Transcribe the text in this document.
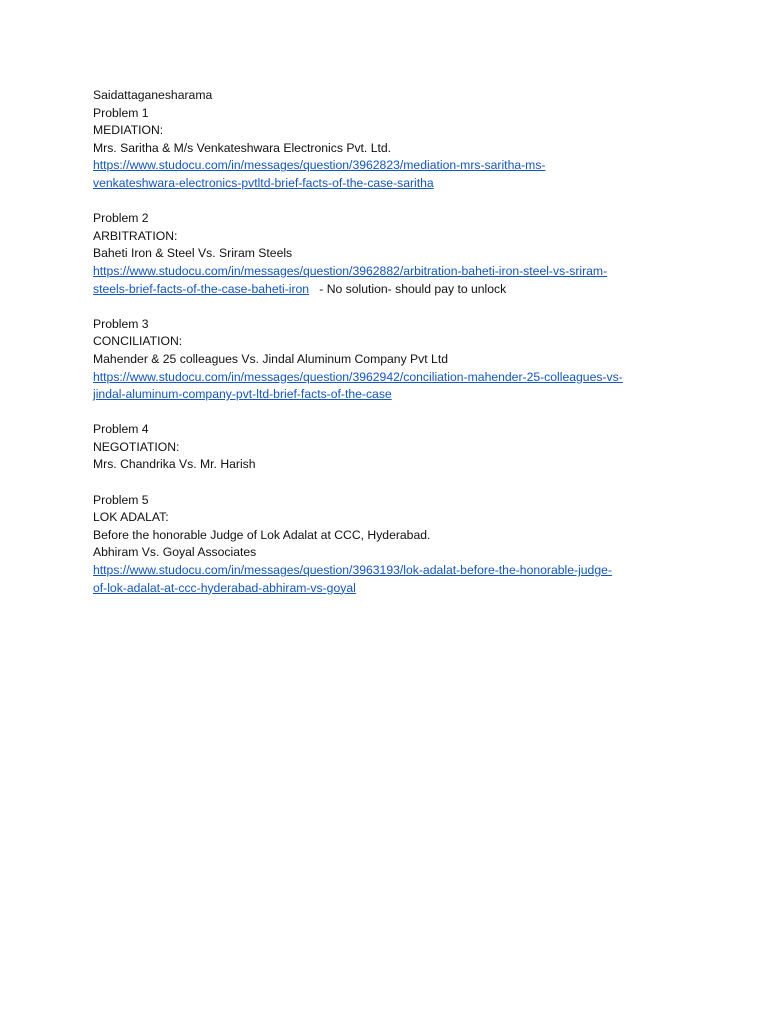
Saidattaganesharama
Problem 1
MEDIATION:
Mrs. Saritha & M/s Venkateshwara Electronics Pvt. Ltd.
https://www.studocu.com/in/messages/question/3962823/mediation-mrs-saritha-ms-
venkateshwara-electronics-pvtltd-brief-facts-of-the-case-saritha
Problem 2
ARBITRATION:
Baheti Iron & Steel Vs. Sriram Steels
https://www.studocu.com/in/messages/question/3962882/arbitration-baheti-iron-steel-vs-sriram-
steels-brief-facts-of-the-case-baheti-iron - No solution- should pay to unlock
Problem 3
CONCILIATION:
Mahender & 25 colleagues Vs. Jindal Aluminum Company Pvt Ltd
https://www.studocu.com/in/messages/question/3962942/conciliation-mahender-25-colleagues-vs-
jindal-aluminum-company-pvt-ltd-brief-facts-of-the-case
Problem 4
NEGOTIATION:
Mrs. Chandrika Vs. Mr. Harish
Problem 5
LOK ADALAT:
Before the honorable Judge of Lok Adalat at CCC, Hyderabad.
Abhiram Vs. Goyal Associates
https://www.studocu.com/in/messages/question/3963193/lok-adalat-before-the-honorable-judge-
of-lok-adalat-at-ccc-hyderabad-abhiram-vs-goyal
